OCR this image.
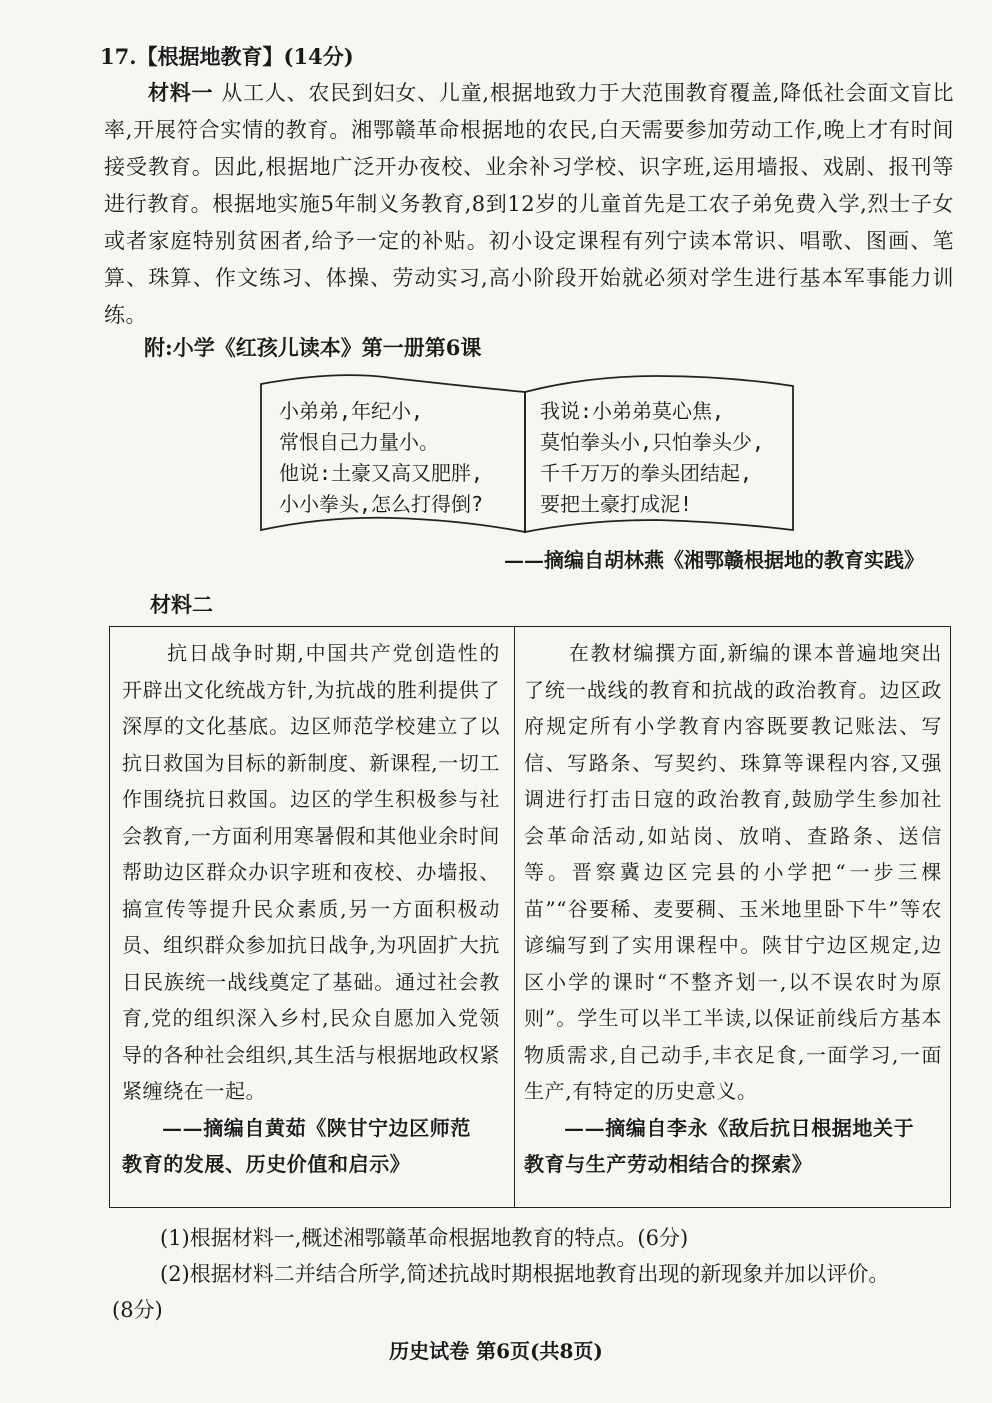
17.【根据地教育】(14分)
材料一 从工人、农民到妇女、儿童,根据地致力于大范围教育覆盖,降低社会面文盲比率,开展符合实情的教育。湘鄂赣革命根据地的农民,白天需要参加劳动工作,晚上才有时间接受教育。因此,根据地广泛开办夜校、业余补习学校、识字班,运用墙报、戏剧、报刊等进行教育。根据地实施5年制义务教育,8到12岁的儿童首先是工农子弟免费入学,烈士子女或者家庭特别贫困者,给予一定的补贴。初小设定课程有列宁读本常识、唱歌、图画、笔算、珠算、作文练习、体操、劳动实习,高小阶段开始就必须对学生进行基本军事能力训练。
附:小学《红孩儿读本》第一册第6课
小弟弟,年纪小,
常恨自己力量小。
他说:土豪又高又肥胖,
小小拳头,怎么打得倒?
我说:小弟弟莫心焦,
莫怕拳头小,只怕拳头少,
千千万万的拳头团结起,
要把土豪打成泥!
——摘编自胡林燕《湘鄂赣根据地的教育实践》
材料二
抗日战争时期,中国共产党创造性的开辟出文化统战方针,为抗战的胜利提供了深厚的文化基底。边区师范学校建立了以抗日救国为目标的新制度、新课程,一切工作围绕抗日救国。边区的学生积极参与社会教育,一方面利用寒暑假和其他业余时间帮助边区群众办识字班和夜校、办墙报、搞宣传等提升民众素质,另一方面积极动员、组织群众参加抗日战争,为巩固扩大抗日民族统一战线奠定了基础。通过社会教育,党的组织深入乡村,民众自愿加入党领导的各种社会组织,其生活与根据地政权紧紧缠绕在一起。
——摘编自黄茹《陕甘宁边区师范
教育的发展、历史价值和启示》
在教材编撰方面,新编的课本普遍地突出了统一战线的教育和抗战的政治教育。边区政府规定所有小学教育内容既要教记账法、写信、写路条、写契约、珠算等课程内容,又强调进行打击日寇的政治教育,鼓励学生参加社会革命活动,如站岗、放哨、查路条、送信等。晋察冀边区完县的小学把“一步三棵苗”“谷要稀、麦要稠、玉米地里卧下牛”等农谚编写到了实用课程中。陕甘宁边区规定,边区小学的课时“不整齐划一,以不误农时为原则”。学生可以半工半读,以保证前线后方基本物质需求,自己动手,丰衣足食,一面学习,一面生产,有特定的历史意义。
——摘编自李永《敌后抗日根据地关于
教育与生产劳动相结合的探索》
(1)根据材料一,概述湘鄂赣革命根据地教育的特点。(6分)
(2)根据材料二并结合所学,简述抗战时期根据地教育出现的新现象并加以评价。
(8分)
历史试卷 第6页(共8页)
